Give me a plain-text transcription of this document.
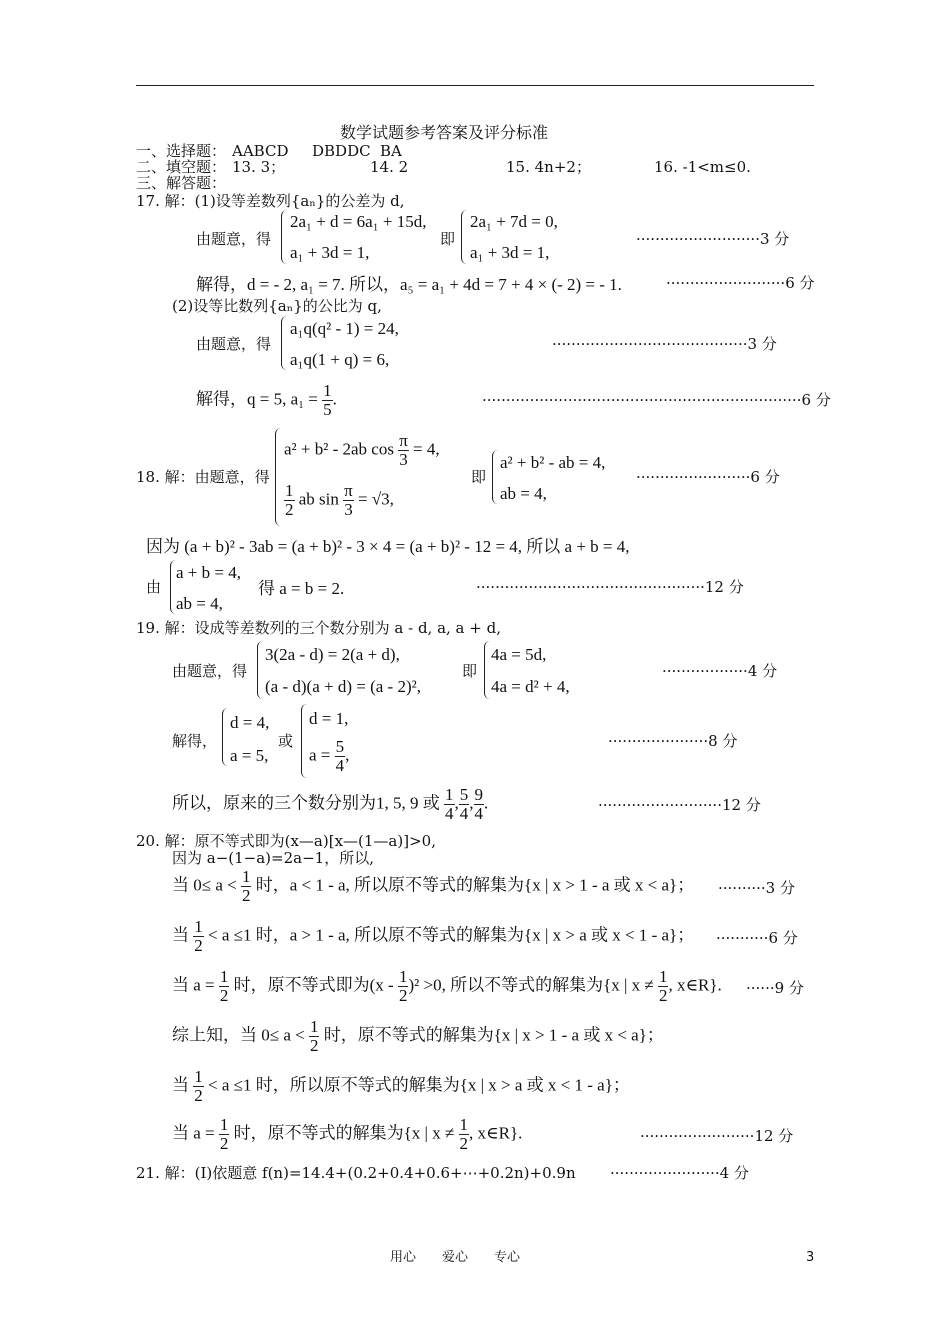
数学试题参考答案及评分标准
一、选择题： AABCD DBDDC BA
二、填空题： 13. 3；	14. 2	15. 4n+2；	16. -1<m≤0.
三、解答题：
17. 解：(1)设等差数列{aₙ}的公差为 d,
由题意，得
2a₁ + d = 6a₁ + 15d,
a₁ + 3d = 1,
即
2a₁ + 7d = 0,
a₁ + 3d = 1,
··························3 分
解得，d = - 2, a₁ = 7. 所以，a₅ = a₁ + 4d = 7 + 4 × (- 2) = - 1.	·························6 分
(2)设等比数列{aₙ}的公比为 q,
由题意，得
a₁q(q² - 1) = 24,
a₁q(1 + q) = 6,
·········································3 分
解得，q = 5, $a_1 = \frac{1}{5}$ .	···································································6 分
18. 解：由题意，得
a² + b² - 2ab $\cos \frac{\pi}{3} = 4$,
$\frac{1}{2}$ ab $\sin \frac{\pi}{3} = √3$,
即
a² + b² - ab = 4,
ab = 4,
························6 分
因为 (a + b)² - 3ab = (a + b)² - 3 × 4 = (a + b)² - 12 = 4, 所以 a + b = 4,
由
a + b = 4,
ab = 4,
得 a = b = 2.	················································12 分
19. 解：设成等差数列的三个数分别为 a - d, a, a + d,
由题意，得
3(2a - d) = 2(a + d),
(a - d)(a + d) = (a - 2)²,
即
4a = 5d,
4a = d² + 4,
··················4 分
解得，
d = 4,
a = 5,
或
d = 1,
$a = \frac{5}{4}$ ,
·····················8 分
所以，原来的三个数分别为1, 5, 9 或 $\frac{1}{4}$ , $\frac{5}{4}$ , $\frac{9}{4}$ .	··························12 分
20. 解：原不等式即为(x—a)[x—(1—a)]>0,
因为 a−(1−a)=2a−1，所以,
当 $0\le a < \frac{1}{2}$ 时，a < 1 - a, 所以原不等式的解集为{x | x > 1 - a 或 x < a}； ··········3 分
当 $\frac{1}{2} < a \le 1$ 时，a > 1 - a, 所以原不等式的解集为{x | x > a 或 x < 1 - a}； ···········6 分
当 $a = \frac{1}{2}$ 时，原不等式即为$(x - \frac{1}{2} )^2 >0$, 所以不等式的解集为{x | $x \ne \frac{1}{2}$ , x∈R}. ······9 分
综上知，当 $0\le a < \frac{1}{2}$ 时，原不等式的解集为{x | x > 1 - a 或 x < a}；
当 $\frac{1}{2} < a \le 1$ 时，所以原不等式的解集为{x | x > a 或 x < 1 - a}；
当 $a = \frac{1}{2}$ 时，原不等式的解集为{x | $x \ne \frac{1}{2}$ , x∈R}.	························12 分
21. 解：(Ⅰ)依题意 f(n)=14.4+(0.2+0.4+0.6+⋯+0.2n)+0.9n ·······················4 分
用心　　爱心　　专心	3
